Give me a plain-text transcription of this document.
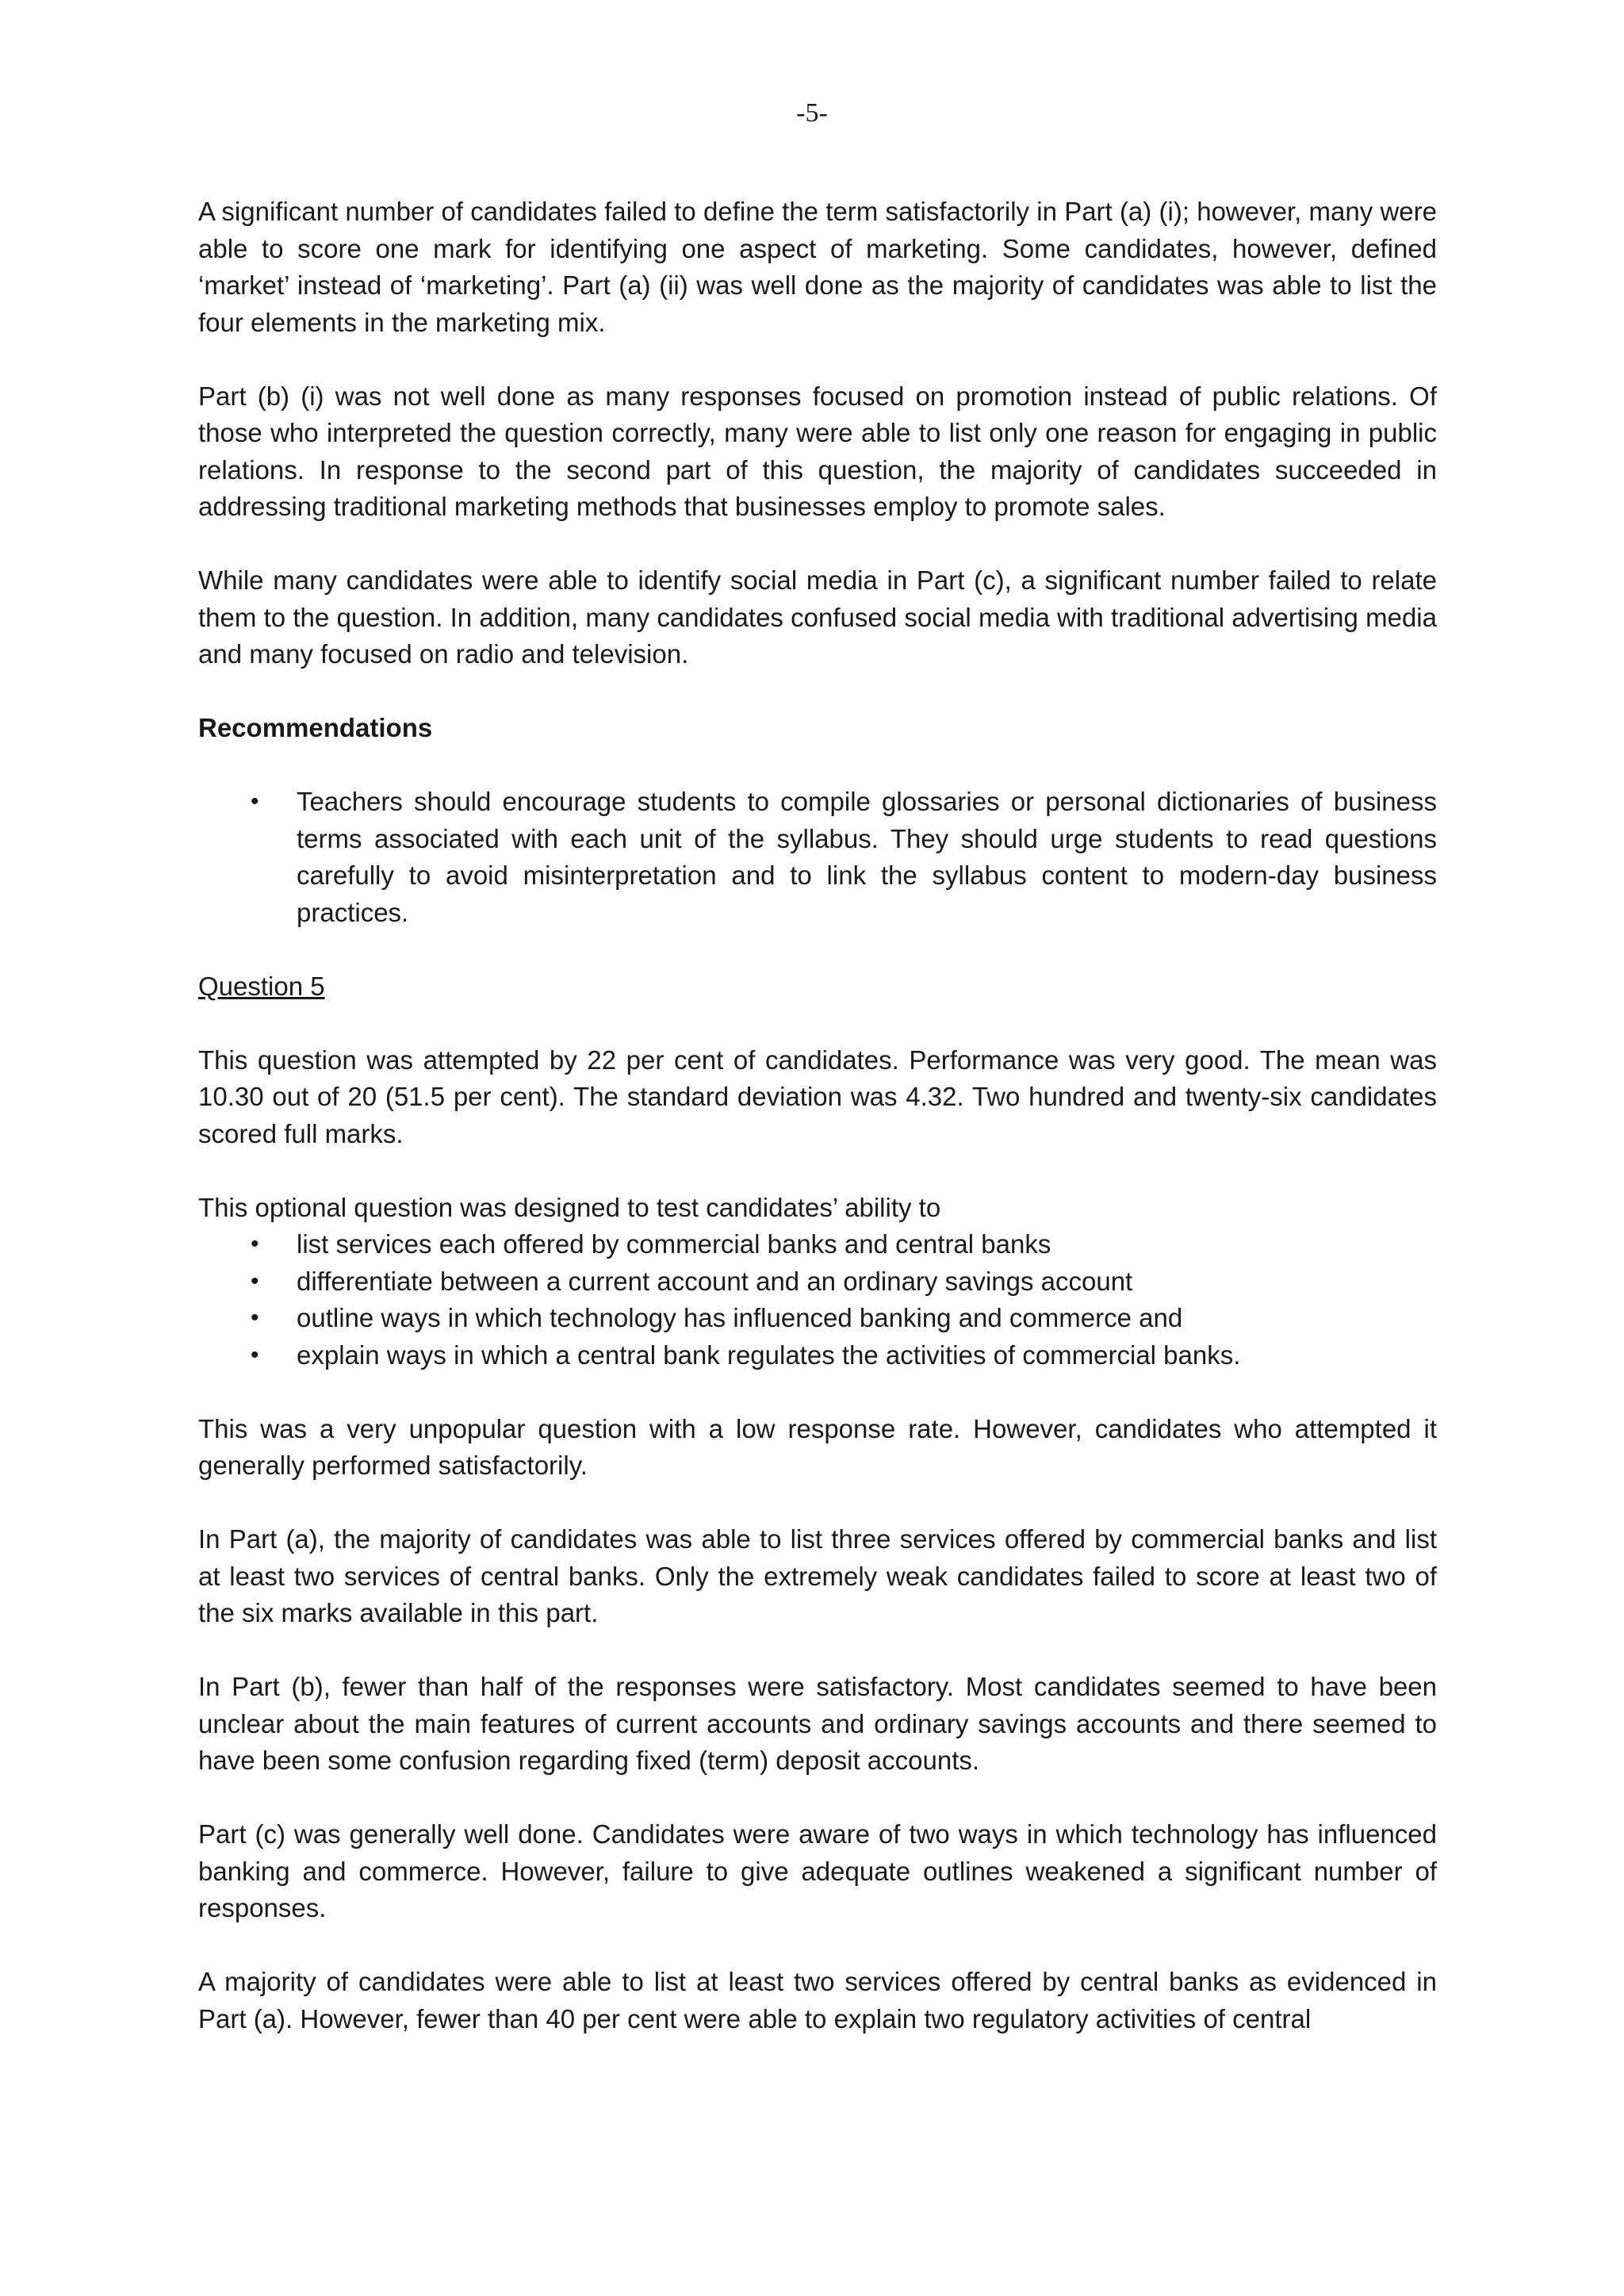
-5-

A significant number of candidates failed to define the term satisfactorily in Part (a) (i); however, many were able to score one mark for identifying one aspect of marketing. Some candidates, however, defined ‘market’ instead of ‘marketing’. Part (a) (ii) was well done as the majority of candidates was able to list the four elements in the marketing mix.

Part (b) (i) was not well done as many responses focused on promotion instead of public relations. Of those who interpreted the question correctly, many were able to list only one reason for engaging in public relations. In response to the second part of this question, the majority of candidates succeeded in addressing traditional marketing methods that businesses employ to promote sales.

While many candidates were able to identify social media in Part (c), a significant number failed to relate them to the question. In addition, many candidates confused social media with traditional advertising media and many focused on radio and television.

Recommendations
• Teachers should encourage students to compile glossaries or personal dictionaries of business terms associated with each unit of the syllabus. They should urge students to read questions carefully to avoid misinterpretation and to link the syllabus content to modern-day business practices.
Question 5

This question was attempted by 22 per cent of candidates. Performance was very good. The mean was 10.30 out of 20 (51.5 per cent). The standard deviation was 4.32. Two hundred and twenty-six candidates scored full marks.

This optional question was designed to test candidates’ ability to

• list services each offered by commercial banks and central banks
• differentiate between a current account and an ordinary savings account
• outline ways in which technology has influenced banking and commerce and
• explain ways in which a central bank regulates the activities of commercial banks.

This was a very unpopular question with a low response rate. However, candidates who attempted it generally performed satisfactorily.

In Part (a), the majority of candidates was able to list three services offered by commercial banks and list at least two services of central banks. Only the extremely weak candidates failed to score at least two of the six marks available in this part.

In Part (b), fewer than half of the responses were satisfactory. Most candidates seemed to have been unclear about the main features of current accounts and ordinary savings accounts and there seemed to have been some confusion regarding fixed (term) deposit accounts.

Part (c) was generally well done. Candidates were aware of two ways in which technology has influenced banking and commerce. However, failure to give adequate outlines weakened a significant number of responses.

A majority of candidates were able to list at least two services offered by central banks as evidenced in Part (a). However, fewer than 40 per cent were able to explain two regulatory activities of central
